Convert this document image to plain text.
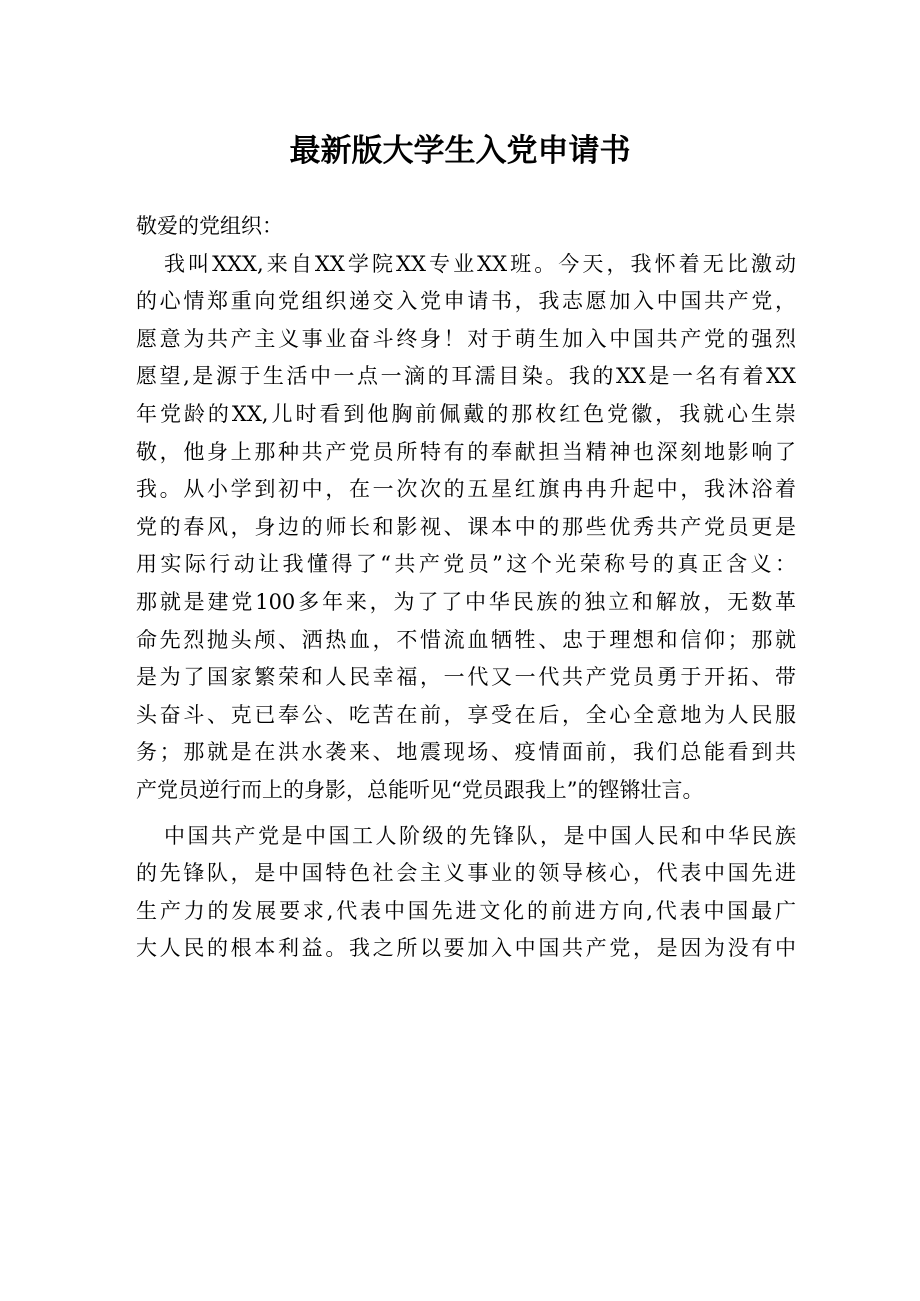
最新版大学生入党申请书
敬爱的党组织：
我叫XXX,来自XX学院XX专业XX班。今天，我怀着无比激动
的心情郑重向党组织递交入党申请书，我志愿加入中国共产党，
愿意为共产主义事业奋斗终身！对于萌生加入中国共产党的强烈
愿望,是源于生活中一点一滴的耳濡目染。我的XX是一名有着XX
年党龄的XX,儿时看到他胸前佩戴的那枚红色党徽，我就心生崇
敬，他身上那种共产党员所特有的奉献担当精神也深刻地影响了
我。从小学到初中，在一次次的五星红旗冉冉升起中，我沐浴着
党的春风，身边的师长和影视、课本中的那些优秀共产党员更是
用实际行动让我懂得了“共产党员”这个光荣称号的真正含义：
那就是建党100多年来，为了了中华民族的独立和解放，无数革
命先烈抛头颅、洒热血，不惜流血牺牲、忠于理想和信仰；那就
是为了国家繁荣和人民幸福，一代又一代共产党员勇于开拓、带
头奋斗、克已奉公、吃苦在前，享受在后，全心全意地为人民服
务；那就是在洪水袭来、地震现场、疫情面前，我们总能看到共
产党员逆行而上的身影，总能听见“党员跟我上”的铿锵壮言。
中国共产党是中国工人阶级的先锋队，是中国人民和中华民族
的先锋队，是中国特色社会主义事业的领导核心，代表中国先进
生产力的发展要求,代表中国先进文化的前进方向,代表中国最广
大人民的根本利益。我之所以要加入中国共产党，是因为没有中
